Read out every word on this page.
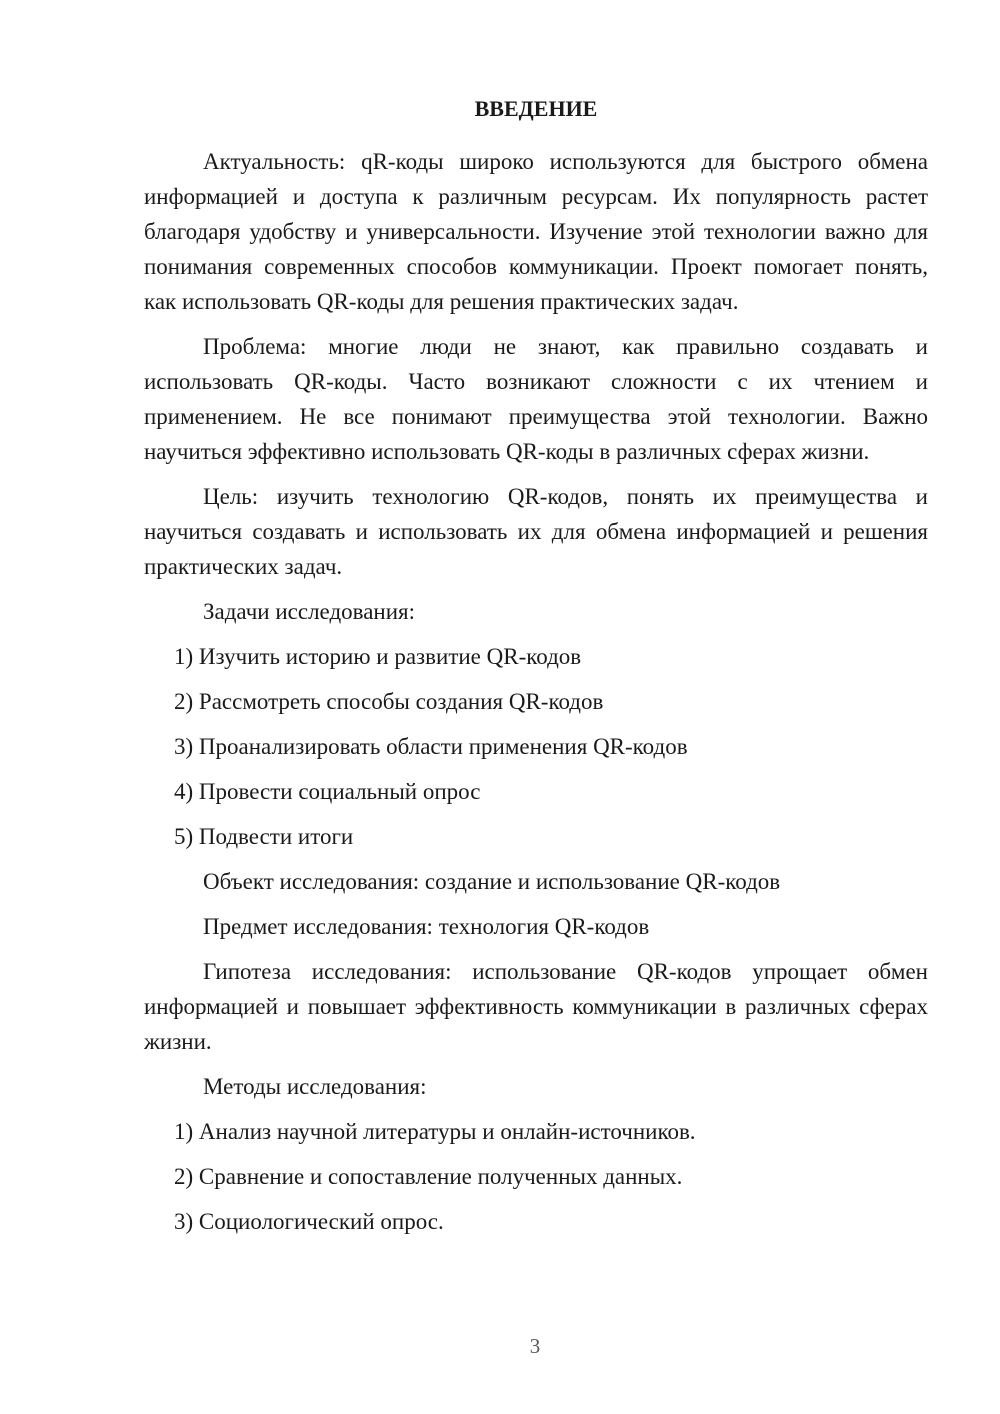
ВВЕДЕНИЕ

Актуальность: qR-коды широко используются для быстрого обмена информацией и доступа к различным ресурсам. Их популярность растет благодаря удобству и универсальности. Изучение этой технологии важно для понимания современных способов коммуникации. Проект помогает понять, как использовать QR-коды для решения практических задач.

Проблема: многие люди не знают, как правильно создавать и использовать QR-коды. Часто возникают сложности с их чтением и применением. Не все понимают преимущества этой технологии. Важно научиться эффективно использовать QR-коды в различных сферах жизни.

Цель: изучить технологию QR-кодов, понять их преимущества и научиться создавать и использовать их для обмена информацией и решения практических задач.

Задачи исследования:

1) Изучить историю и развитие QR-кодов

2) Рассмотреть способы создания QR-кодов

3) Проанализировать области применения QR-кодов

4) Провести социальный опрос

5) Подвести итоги

Объект исследования: создание и использование QR-кодов

Предмет исследования: технология QR-кодов

Гипотеза исследования: использование QR-кодов упрощает обмен информацией и повышает эффективность коммуникации в различных сферах жизни.

Методы исследования:

1) Анализ научной литературы и онлайн-источников.

2) Сравнение и сопоставление полученных данных.

3) Социологический опрос.

3
